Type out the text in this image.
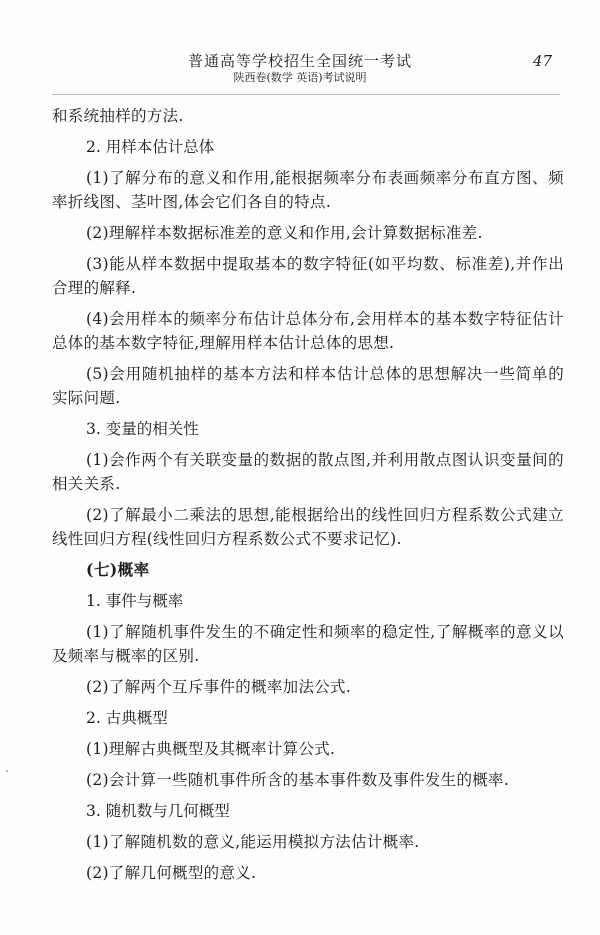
普通高等学校招生全国统一考试
陕西卷(数学 英语)考试说明
47

和系统抽样的方法.

2. 用样本估计总体

(1)了解分布的意义和作用,能根据频率分布表画频率分布直方图、频率折线图、茎叶图,体会它们各自的特点.

(2)理解样本数据标准差的意义和作用,会计算数据标准差.

(3)能从样本数据中提取基本的数字特征(如平均数、标准差),并作出合理的解释.

(4)会用样本的频率分布估计总体分布,会用样本的基本数字特征估计总体的基本数字特征,理解用样本估计总体的思想.

(5)会用随机抽样的基本方法和样本估计总体的思想解决一些简单的实际问题.

3. 变量的相关性

(1)会作两个有关联变量的数据的散点图,并利用散点图认识变量间的相关关系.

(2)了解最小二乘法的思想,能根据给出的线性回归方程系数公式建立线性回归方程(线性回归方程系数公式不要求记忆).

(七)概率

1. 事件与概率

(1)了解随机事件发生的不确定性和频率的稳定性,了解概率的意义以及频率与概率的区别.

(2)了解两个互斥事件的概率加法公式.

2. 古典概型

(1)理解古典概型及其概率计算公式.

(2)会计算一些随机事件所含的基本事件数及事件发生的概率.

3. 随机数与几何概型

(1)了解随机数的意义,能运用模拟方法估计概率.

(2)了解几何概型的意义.
